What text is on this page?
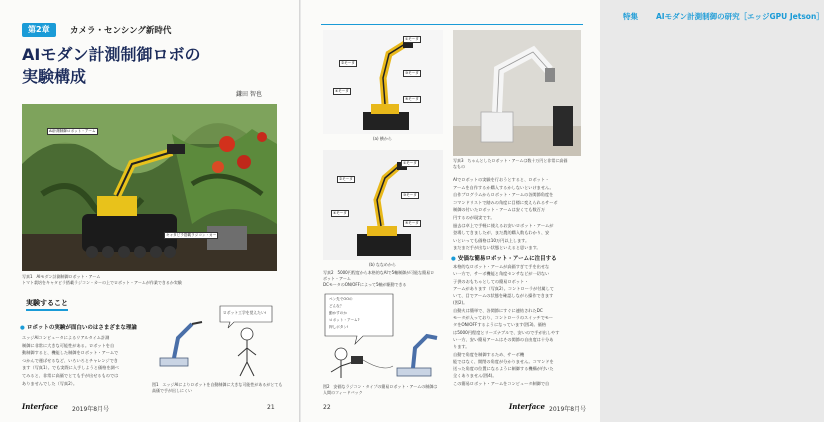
第2章	カメラ・センシング新時代
AIモダン計測制御ロボの
実験構成
鎌田 智也
AI計測制御ロボット・アーム
キャタピラ搭載ラジコン・カー
写真1　AIモダン計測制御ロボット・アーム
トマト栽培をキャタピラ搭載ラジコン・カーの上でロボット・アームが作業できるか実験
実験すること
● ロボットの実験が面白いのはさまざまな理論
エッジAIコンピュータによるリアルタイム計測
制御に非常に大きな可能性がある。ロボットを自
動制御すると、機能した制御をロボット・アームで
つかんで運ばせるなど、いろいろとチャレンジでき
ます（写真1）。でも実際に入手しようと価格を調べ
てみると、非常に高価でとても手が出せるものでは
ありませんでした（写真2）。
ロボット工学を覚えたい!
図1　エッジAIによりロボットを自動制御に大きな可能性があるがとても
高価で手が出しにくい
Interface 2019年8月号	21
特集 AIモダン計測制御の研究［エッジGPU Jetson］
①モータ
②モータ
③モータ
④モータ
⑤モータ
(a) 横から
①モータ
②モータ
③モータ
④モータ
⑤モータ
(b) ななめから
写真2　5000円程度から本格的なAIで5軸制御が可能な簡易ロ
ボット・アーム
DCモータのON/OFFによって5軸が駆動できる
写真3　ちゃんとしたロボット・アームは数十万円と非常に高価
なもの
AIでロボットの実験を行おうとすると、ロボット・
アームを自作するか購入するかしないといけません。
自作プログラムからロボット・アームの各関節角度を
コマンドリストで踏みの角度に目標に変えられるサーボ
制御の付いたロボット・アームは安くても数百万
円するのが現実です。
過去は卓上で手軽に使えるお安いロボット・アームが
登場してきましたが、まだ農的購入数もわかり、安
いといっても価格は10万円以上します。
まだまだ手が出ない状態といえると思います。
● 安価な簡易ロボット・アームに注目する
本格的なロボット・アームが高価すぎて手を出せな
い一方で、サーボ機能と角度センサなどが一切ない
子供のおもちゃとしての簡易ロボット・
アームがあります（写真2）。コントローラが付属して
いて、目でアームの状態を確認しながら操作できます
(図2)。
自動火は簡単で、各関節にすぐに連結されたDC
モータが入っており、コントローラのスイッチでモー
タをON/OFFするようになっています(図3)。価格
は5000円程度とリーズナブルで、安いので手が出しやす
い一方、安い簡易アームはその関節の自由度は十分あ
ります。
自動で角度を制御するため、サーボ機
能ではなく、開閉の角度が分かりません。コマンドを
送った角度の位置になるように制御する機構が付いた
全くありません(図4)。
この簡易ロボット・アームをコンピュータ制御で自
ペン先でOOの
どんな？
動かすのか
ロボット・アーム?
押しボタン!
図2　安価なラジコン・タイプの簡易ロボット・アームの制御は
人間のフィードバック
22	Interface 2019年8月号
